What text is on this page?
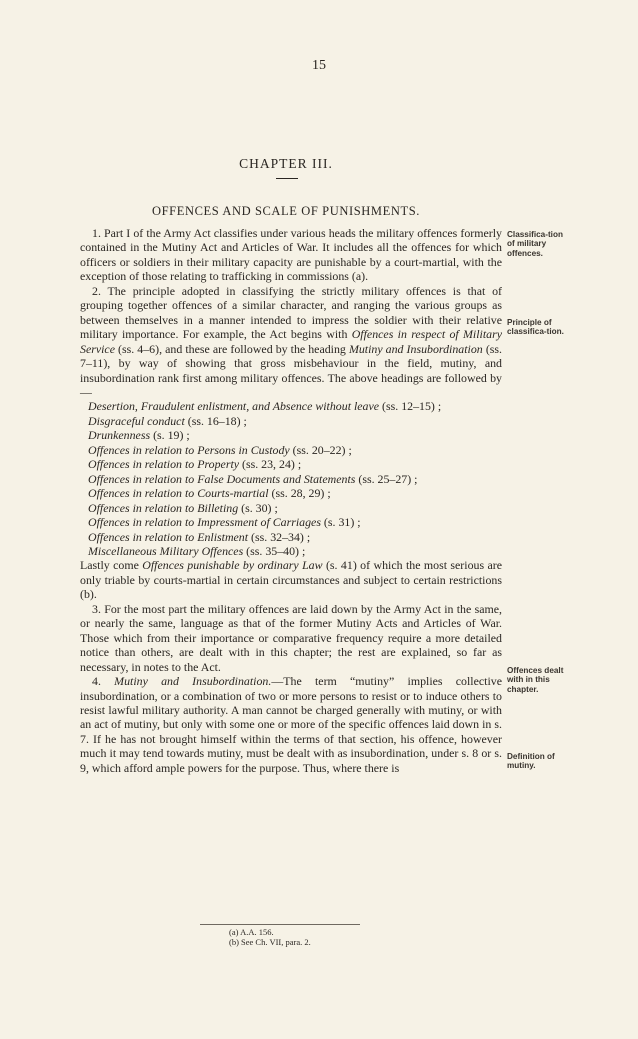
15
CHAPTER III.
OFFENCES AND SCALE OF PUNISHMENTS.

1. Part I of the Army Act classifies under various heads the military offences formerly contained in the Mutiny Act and Articles of War. It includes all the offences for which officers or soldiers in their military capacity are punishable by a court-martial, with the exception of those relating to trafficking in commissions (a).

2. The principle adopted in classifying the strictly military offences is that of grouping together offences of a similar character, and ranging the various groups as between themselves in a manner intended to impress the soldier with their relative military importance. For example, the Act begins with Offences in respect of Military Service (ss. 4–6), and these are followed by the heading Mutiny and Insubordination (ss. 7–11), by way of showing that gross misbehaviour in the field, mutiny, and insubordination rank first among military offences. The above headings are followed by—

Desertion, Fraudulent enlistment, and Absence without leave (ss. 12–15) ;
Disgraceful conduct (ss. 16–18) ;
Drunkenness (s. 19) ;
Offences in relation to Persons in Custody (ss. 20–22) ;
Offences in relation to Property (ss. 23, 24) ;
Offences in relation to False Documents and Statements (ss. 25–27) ;
Offences in relation to Courts-martial (ss. 28, 29) ;
Offences in relation to Billeting (s. 30) ;
Offences in relation to Impressment of Carriages (s. 31) ;
Offences in relation to Enlistment (ss. 32–34) ;
Miscellaneous Military Offences (ss. 35–40) ;

Lastly come Offences punishable by ordinary Law (s. 41) of which the most serious are only triable by courts-martial in certain circumstances and subject to certain restrictions (b).

3. For the most part the military offences are laid down by the Army Act in the same, or nearly the same, language as that of the former Mutiny Acts and Articles of War. Those which from their importance or comparative frequency require a more detailed notice than others, are dealt with in this chapter; the rest are explained, so far as necessary, in notes to the Act.

4. Mutiny and Insubordination.—The term “mutiny” implies collective insubordination, or a combination of two or more persons to resist or to induce others to resist lawful military authority. A man cannot be charged generally with mutiny, or with an act of mutiny, but only with some one or more of the specific offences laid down in s. 7. If he has not brought himself within the terms of that section, his offence, however much it may tend towards mutiny, must be dealt with as insubordination, under s. 8 or s. 9, which afford ample powers for the purpose. Thus, where there is

Classifica-tion of military offences.
Principle of classifica-tion.
Offences dealt with in this chapter.
Definition of mutiny.
(a) A.A. 156.
(b) See Ch. VII, para. 2.
